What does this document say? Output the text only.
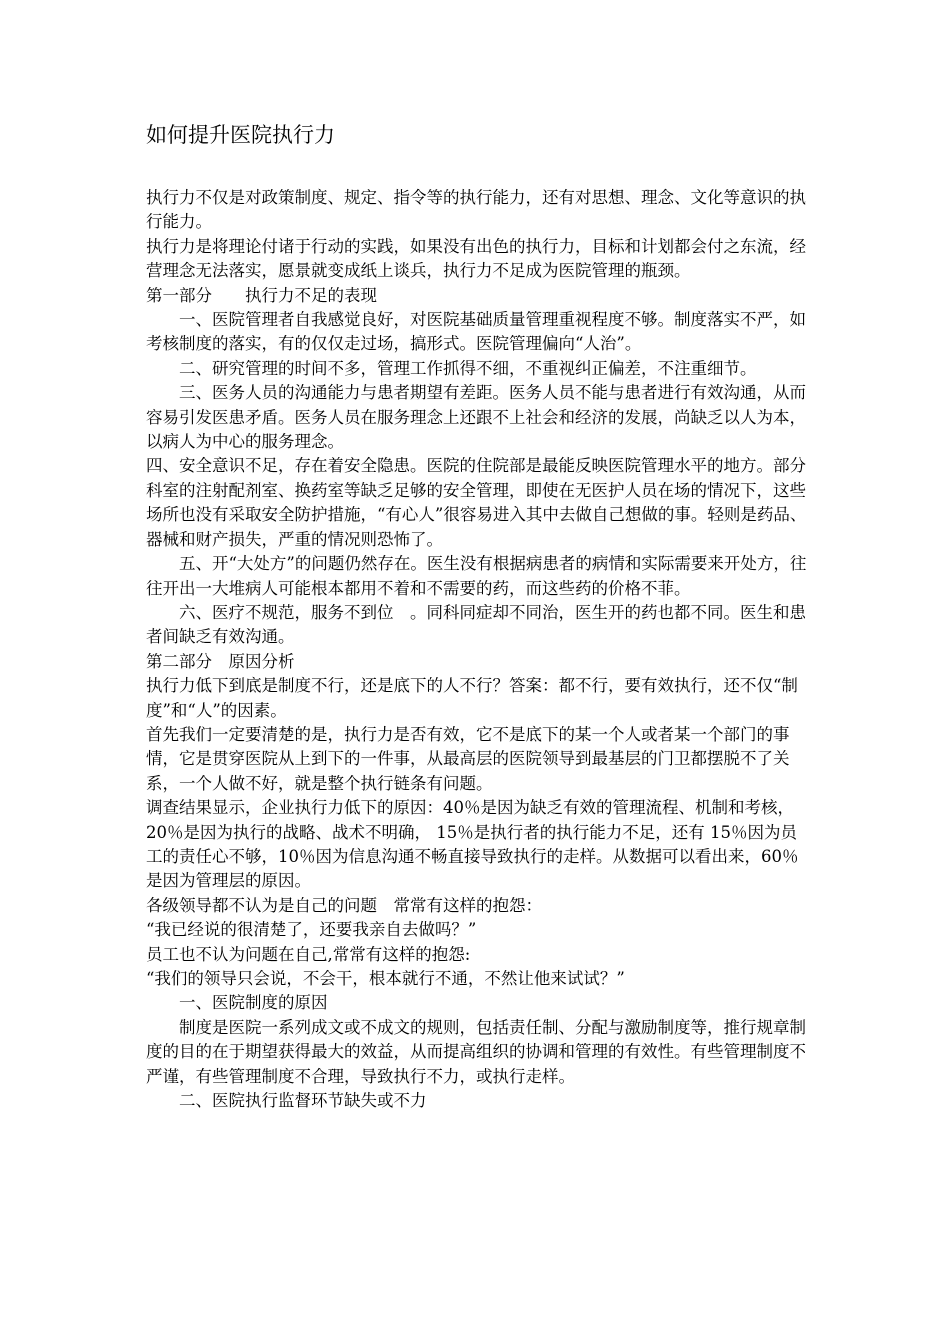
如何提升医院执行力

执行力不仅是对政策制度、规定、指令等的执行能力，还有对思想、理念、文化等意识的执行能力。

执行力是将理论付诸于行动的实践，如果没有出色的执行力，目标和计划都会付之东流，经营理念无法落实，愿景就变成纸上谈兵，执行力不足成为医院管理的瓶颈。

第一部分　　执行力不足的表现

一、医院管理者自我感觉良好，对医院基础质量管理重视程度不够。制度落实不严，如考核制度的落实，有的仅仅走过场，搞形式。医院管理偏向“人治”。

二、研究管理的时间不多，管理工作抓得不细，不重视纠正偏差，不注重细节。

三、医务人员的沟通能力与患者期望有差距。医务人员不能与患者进行有效沟通，从而容易引发医患矛盾。医务人员在服务理念上还跟不上社会和经济的发展，尚缺乏以人为本，以病人为中心的服务理念。

四、安全意识不足，存在着安全隐患。医院的住院部是最能反映医院管理水平的地方。部分科室的注射配剂室、换药室等缺乏足够的安全管理，即使在无医护人员在场的情况下，这些场所也没有采取安全防护措施，“有心人”很容易进入其中去做自己想做的事。轻则是药品、器械和财产损失，严重的情况则恐怖了。

五、开“大处方”的问题仍然存在。医生没有根据病患者的病情和实际需要来开处方，往往开出一大堆病人可能根本都用不着和不需要的药，而这些药的价格不菲。

六、医疗不规范，服务不到位　。同科同症却不同治，医生开的药也都不同。医生和患者间缺乏有效沟通。

第二部分　原因分析

执行力低下到底是制度不行，还是底下的人不行？答案：都不行，要有效执行，还不仅“制度”和“人”的因素。

首先我们一定要清楚的是，执行力是否有效，它不是底下的某一个人或者某一个部门的事情，它是贯穿医院从上到下的一件事，从最高层的医院领导到最基层的门卫都摆脱不了关系，一个人做不好，就是整个执行链条有问题。

调查结果显示，企业执行力低下的原因：40％是因为缺乏有效的管理流程、机制和考核，20％是因为执行的战略、战术不明确， 15％是执行者的执行能力不足，还有 15％因为员工的责任心不够，10％因为信息沟通不畅直接导致执行的走样。从数据可以看出来，60％是因为管理层的原因。

各级领导都不认为是自己的问题　常常有这样的抱怨：

“我已经说的很清楚了，还要我亲自去做吗？”

员工也不认为问题在自己,常常有这样的抱怨:

“我们的领导只会说，不会干，根本就行不通，不然让他来试试？”

一、医院制度的原因

制度是医院一系列成文或不成文的规则，包括责任制、分配与激励制度等，推行规章制度的目的在于期望获得最大的效益，从而提高组织的协调和管理的有效性。有些管理制度不严谨，有些管理制度不合理，导致执行不力，或执行走样。

二、医院执行监督环节缺失或不力
